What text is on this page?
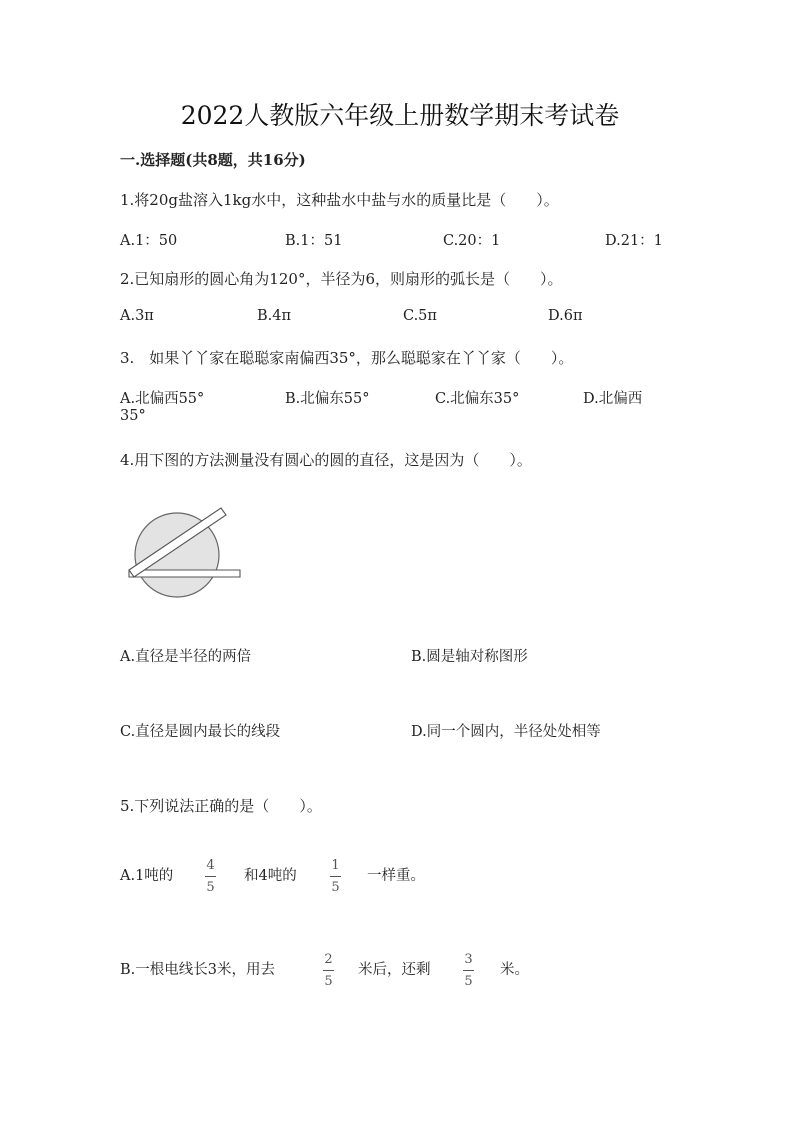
2022人教版六年级上册数学期末考试卷
一.选择题(共8题，共16分)
1.将20g盐溶入1kg水中，这种盐水中盐与水的质量比是（　　）。
A.1：50	B.1：51	C.20：1	D.21：1
2.已知扇形的圆心角为120°，半径为6，则扇形的弧长是（　　）。
A.3π	B.4π	C.5π	D.6π
3.　如果丫丫家在聪聪家南偏西35°，那么聪聪家在丫丫家（　　）。
A.北偏西55°	B.北偏东55°	C.北偏东35°	D.北偏西
35°
4.用下图的方法测量没有圆心的圆的直径，这是因为（　　）。
A.直径是半径的两倍	B.圆是轴对称图形
C.直径是圆内最长的线段	D.同一个圆内，半径处处相等
5.下列说法正确的是（　　）。
A.1吨的
4
5
和4吨的
1
5
一样重。
B.一根电线长3米，用去
2
5
米后，还剩
3
5
米。
